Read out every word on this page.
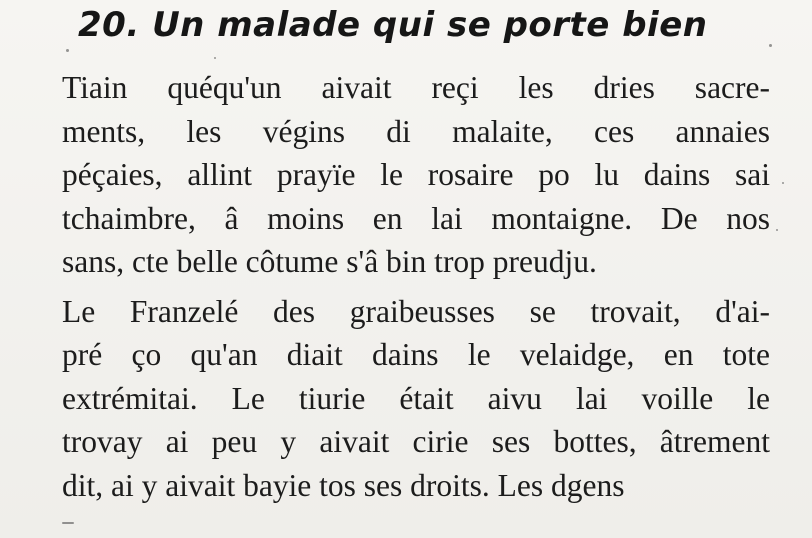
20. Un malade qui se porte bien
Tiain quéqu'un aivait reçi les dries sacre-
ments, les végins di malaite, ces annaies
péçaies, allint prayïe le rosaire po lu dains sai
tchaimbre, â moins en lai montaigne. De nos
sans, cte belle côtume s'â bin trop preudju.
Le Franzelé des graibeusses se trovait, d'ai-
pré ço qu'an diait dains le velaidge, en tote
extrémitai. Le tiurie était aivu lai voille le
trovay ai peu y aivait cirie ses bottes, âtrement
dit, ai y aivait bayie tos ses droits. Les dgens
